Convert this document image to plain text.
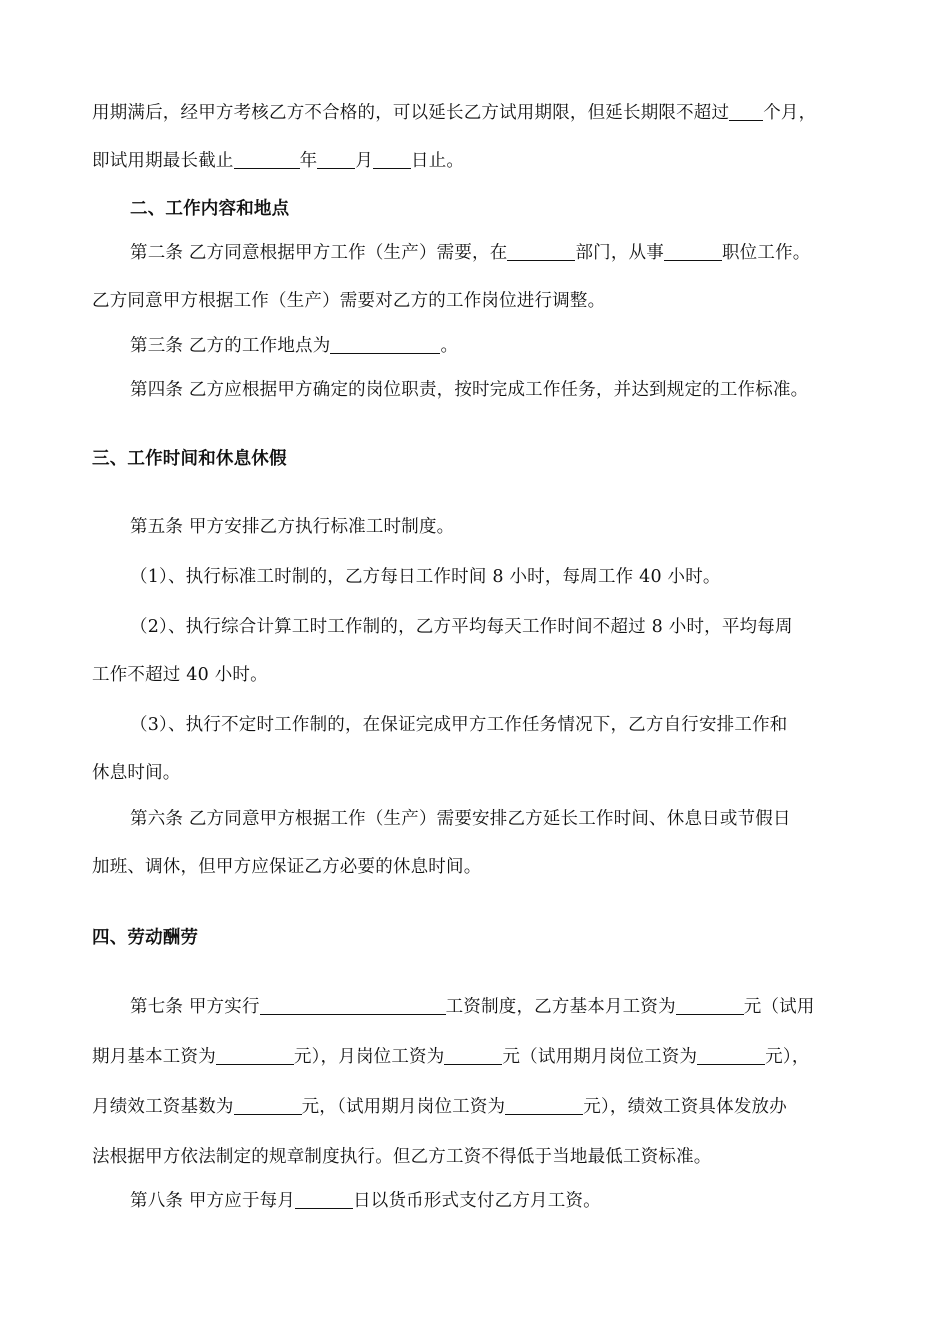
用期满后，经甲方考核乙方不合格的，可以延长乙方试用期限，但延长期限不超过 个月，
即试用期最长截止	年 月 日止。
二、工作内容和地点
第二条 乙方同意根据甲方工作（生产）需要，在	部门，从事	职位工作。
乙方同意甲方根据工作（生产）需要对乙方的工作岗位进行调整。
第三条 乙方的工作地点为	。
第四条 乙方应根据甲方确定的岗位职责，按时完成工作任务，并达到规定的工作标准。
三、工作时间和休息休假
第五条 甲方安排乙方执行标准工时制度。
（1）、执行标准工时制的，乙方每日工作时间 8 小时，每周工作 40 小时。
（2）、执行综合计算工时工作制的，乙方平均每天工作时间不超过 8 小时，平均每周
工作不超过 40 小时。
（3）、执行不定时工作制的，在保证完成甲方工作任务情况下，乙方自行安排工作和
休息时间。
第六条 乙方同意甲方根据工作（生产）需要安排乙方延长工作时间、休息日或节假日
加班、调休，但甲方应保证乙方必要的休息时间。
四、劳动酬劳
第七条 甲方实行	工资制度，乙方基本月工资为	元（试用
期月基本工资为	元），月岗位工资为	元（试用期月岗位工资为	元），
月绩效工资基数为	元，（试用期月岗位工资为	元），绩效工资具体发放办
法根据甲方依法制定的规章制度执行。但乙方工资不得低于当地最低工资标准。
第八条 甲方应于每月	日以货币形式支付乙方月工资。
